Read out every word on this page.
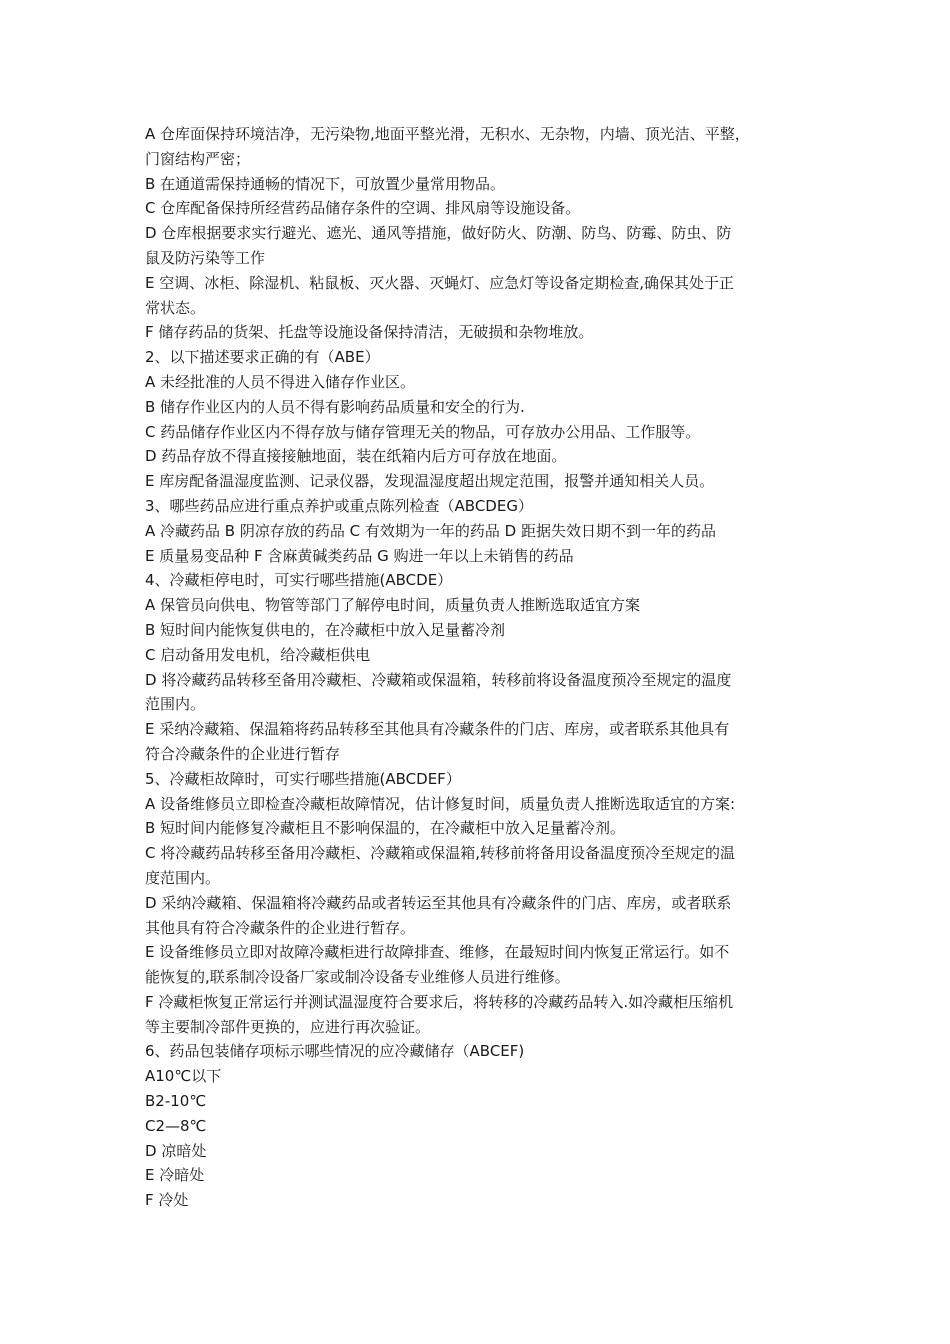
A 仓库面保持环境洁净，无污染物,地面平整光滑，无积水、无杂物，内墙、顶光洁、平整，
门窗结构严密；
B 在通道需保持通畅的情况下，可放置少量常用物品。
C 仓库配备保持所经营药品储存条件的空调、排风扇等设施设备。
D 仓库根据要求实行避光、遮光、通风等措施，做好防火、防潮、防鸟、防霉、防虫、防
鼠及防污染等工作
E 空调、冰柜、除湿机、粘鼠板、灭火器、灭蝇灯、应急灯等设备定期检查,确保其处于正
常状态。
F 储存药品的货架、托盘等设施设备保持清洁，无破损和杂物堆放。
2、以下描述要求正确的有（ABE）
A 未经批准的人员不得进入储存作业区。
B 储存作业区内的人员不得有影响药品质量和安全的行为.
C 药品储存作业区内不得存放与储存管理无关的物品，可存放办公用品、工作服等。
D 药品存放不得直接接触地面，装在纸箱内后方可存放在地面。
E 库房配备温湿度监测、记录仪器，发现温湿度超出规定范围，报警并通知相关人员。
3、哪些药品应进行重点养护或重点陈列检查（ABCDEG）
A 冷藏药品 B 阴凉存放的药品 C 有效期为一年的药品 D 距据失效日期不到一年的药品
E 质量易变品种 F 含麻黄碱类药品 G 购进一年以上未销售的药品
4、冷藏柜停电时，可实行哪些措施(ABCDE）
A 保管员向供电、物管等部门了解停电时间，质量负责人推断选取适宜方案
B 短时间内能恢复供电的，在冷藏柜中放入足量蓄冷剂
C 启动备用发电机，给冷藏柜供电
D 将冷藏药品转移至备用冷藏柜、冷藏箱或保温箱，转移前将设备温度预冷至规定的温度
范围内。
E 采纳冷藏箱、保温箱将药品转移至其他具有冷藏条件的门店、库房，或者联系其他具有
符合冷藏条件的企业进行暂存
5、冷藏柜故障时，可实行哪些措施(ABCDEF）
A 设备维修员立即检查冷藏柜故障情况，估计修复时间，质量负责人推断选取适宜的方案:
B 短时间内能修复冷藏柜且不影响保温的，在冷藏柜中放入足量蓄冷剂。
C 将冷藏药品转移至备用冷藏柜、冷藏箱或保温箱,转移前将备用设备温度预冷至规定的温
度范围内。
D 采纳冷藏箱、保温箱将冷藏药品或者转运至其他具有冷藏条件的门店、库房，或者联系
其他具有符合冷藏条件的企业进行暂存。
E 设备维修员立即对故障冷藏柜进行故障排查、维修，在最短时间内恢复正常运行。如不
能恢复的,联系制冷设备厂家或制冷设备专业维修人员进行维修。
F 冷藏柜恢复正常运行并测试温湿度符合要求后，将转移的冷藏药品转入.如冷藏柜压缩机
等主要制冷部件更换的，应进行再次验证。
6、药品包装储存项标示哪些情况的应冷藏储存（ABCEF)
A10℃以下
B2-10℃
C2—8℃
D 凉暗处
E 冷暗处
F 冷处
